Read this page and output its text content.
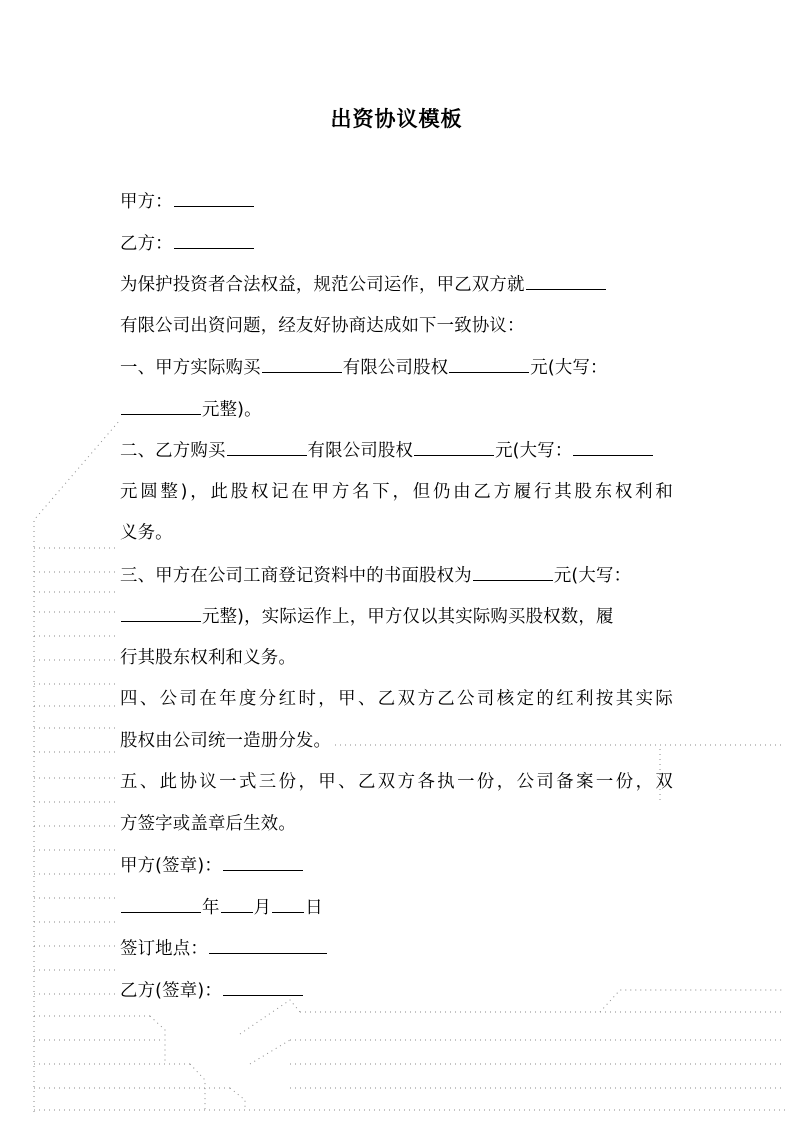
出资协议模板
甲方：
乙方：
为保护投资者合法权益，规范公司运作，甲乙双方就
有限公司出资问题，经友好协商达成如下一致协议：
一、甲方实际购买	有限公司股权	元(大写：
元整)。
二、乙方购买	有限公司股权	元(大写：
元圆整)，此股权记在甲方名下，但仍由乙方履行其股东权利和
义务。
三、甲方在公司工商登记资料中的书面股权为	元(大写：
元整)，实际运作上，甲方仅以其实际购买股权数，履
行其股东权利和义务。
四、公司在年度分红时，甲、乙双方乙公司核定的红利按其实际
股权由公司统一造册分发。
五、此协议一式三份，甲、乙双方各执一份，公司备案一份，双
方签字或盖章后生效。
甲方(签章)：
年 月 日
签订地点：
乙方(签章)：
